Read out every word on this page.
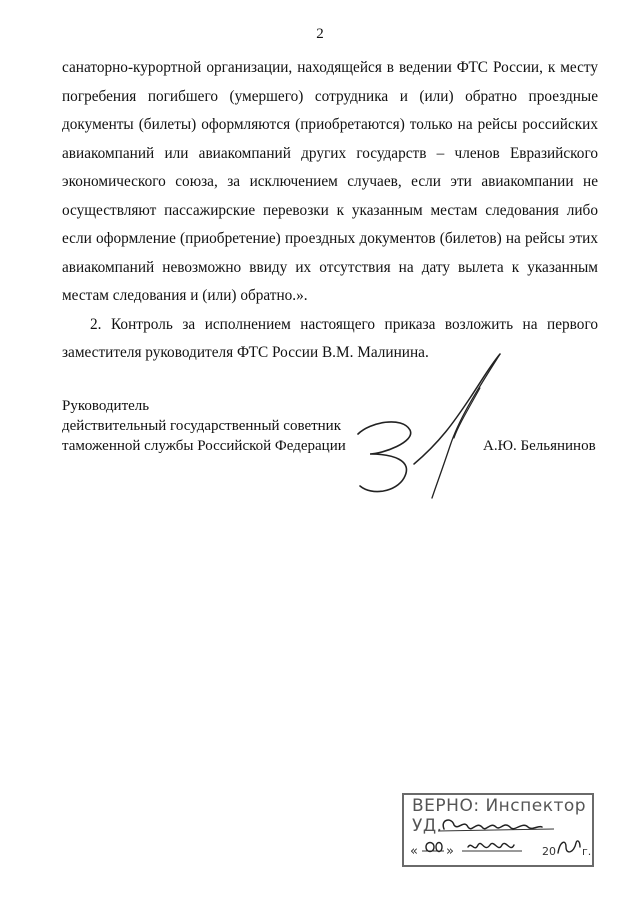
2

санаторно-курортной организации, находящейся в ведении ФТС России, к месту погребения погибшего (умершего) сотрудника и (или) обратно проездные документы (билеты) оформляются (приобретаются) только на рейсы российских авиакомпаний или авиакомпаний других государств – членов Евразийского экономического союза, за исключением случаев, если эти авиакомпании не осуществляют пассажирские перевозки к указанным местам следования либо если оформление (приобретение) проездных документов (билетов) на рейсы этих авиакомпаний невозможно ввиду их отсутствия на дату вылета к указанным местам следования и (или) обратно.».

2. Контроль за исполнением настоящего приказа возложить на первого заместителя руководителя ФТС России В.М. Малинина.

Руководитель
действительный государственный советник
таможенной службы Российской Федерации	А.Ю. Бельянинов
ВЕРНО: Инспектор УД.
« »	20 г.
